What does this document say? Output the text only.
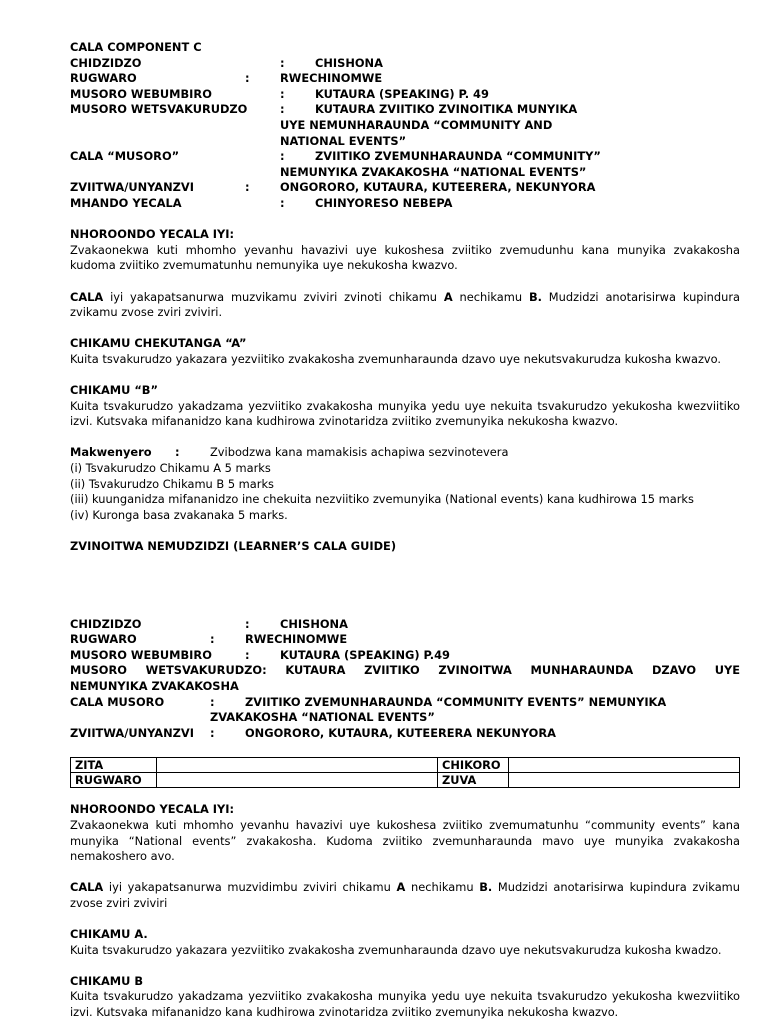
CALA COMPONENT C
CHIDZIDZO	:	CHISHONA
RUGWARO	:	RWECHINOMWE
MUSORO WEBUMBIRO	:	KUTAURA (SPEAKING) P. 49
MUSORO WETSVAKURUDZO	:	KUTAURA ZVIITIKO ZVINOITIKA MUNYIKA
UYE NEMUNHARAUNDA “COMMUNITY AND
NATIONAL EVENTS”
CALA “MUSORO”	:	ZVIITIKO ZVEMUNHARAUNDA “COMMUNITY”
NEMUNYIKA ZVAKAKOSHA “NATIONAL EVENTS”
ZVIITWA/UNYANZVI	:	ONGORORO, KUTAURA, KUTEERERA, NEKUNYORA
MHANDO YECALA	:	CHINYORESO NEBEPA
NHOROONDO YECALA IYI:
Zvakaonekwa kuti mhomho yevanhu havazivi uye kukoshesa zviitiko zvemudunhu kana munyika zvakakosha kudoma zviitiko zvemumatunhu nemunyika uye nekukosha kwazvo.
CALA iyi yakapatsanurwa muzvikamu zviviri zvinoti chikamu A nechikamu B. Mudzidzi anotarisirwa kupindura zvikamu zvose zviri zviviri.
CHIKAMU CHEKUTANGA “A”
Kuita tsvakurudzo yakazara yezviitiko zvakakosha zvemunharaunda dzavo uye nekutsvakurudza kukosha kwazvo.
CHIKAMU “B”
Kuita tsvakurudzo yakadzama yezviitiko zvakakosha munyika yedu uye nekuita tsvakurudzo yekukosha kwezviitiko izvi. Kutsvaka mifananidzo kana kudhirowa zvinotaridza zviitiko zvemunyika nekukosha kwazvo.
Makwenyero :	Zvibodzwa kana mamakisis achapiwa sezvinotevera
(i) Tsvakurudzo Chikamu A 5 marks
(ii) Tsvakurudzo Chikamu B 5 marks
(iii) kuunganidza mifananidzo ine chekuita nezviitiko zvemunyika (National events) kana kudhirowa 15 marks
(iv) Kuronga basa zvakanaka 5 marks.
ZVINOITWA NEMUDZIDZI (LEARNER’S CALA GUIDE)
CHIDZIDZO	:	CHISHONA
RUGWARO	:	RWECHINOMWE
MUSORO WEBUMBIRO	:	KUTAURA (SPEAKING) P.49
MUSORO WETSVAKURUDZO: KUTAURA ZVIITIKO ZVINOITWA MUNHARAUNDA DZAVO UYE
NEMUNYIKA ZVAKAKOSHA
CALA MUSORO	:	ZVIITIKO ZVEMUNHARAUNDA “COMMUNITY EVENTS” NEMUNYIKA
ZVAKAKOSHA “NATIONAL EVENTS”
ZVIITWA/UNYANZVI :	ONGORORO, KUTAURA, KUTEERERA NEKUNYORA
ZITA		CHIKORO	
RUGWARO		ZUVA	
NHOROONDO YECALA IYI:
Zvakaonekwa kuti mhomho yevanhu havazivi uye kukoshesa zviitiko zvemumatunhu “community events” kana munyika “National events” zvakakosha. Kudoma zviitiko zvemunharaunda mavo uye munyika zvakakosha nemakoshero avo.
CALA iyi yakapatsanurwa muzvidimbu zviviri chikamu A nechikamu B. Mudzidzi anotarisirwa kupindura zvikamu zvose zviri zviviri
CHIKAMU A.
Kuita tsvakurudzo yakazara yezviitiko zvakakosha zvemunharaunda dzavo uye nekutsvakurudza kukosha kwadzo.
CHIKAMU B
Kuita tsvakurudzo yakadzama yezviitiko zvakakosha munyika yedu uye nekuita tsvakurudzo yekukosha kwezviitiko izvi. Kutsvaka mifananidzo kana kudhirowa zvinotaridza zviitiko zvemunyika nekukosha kwazvo.
